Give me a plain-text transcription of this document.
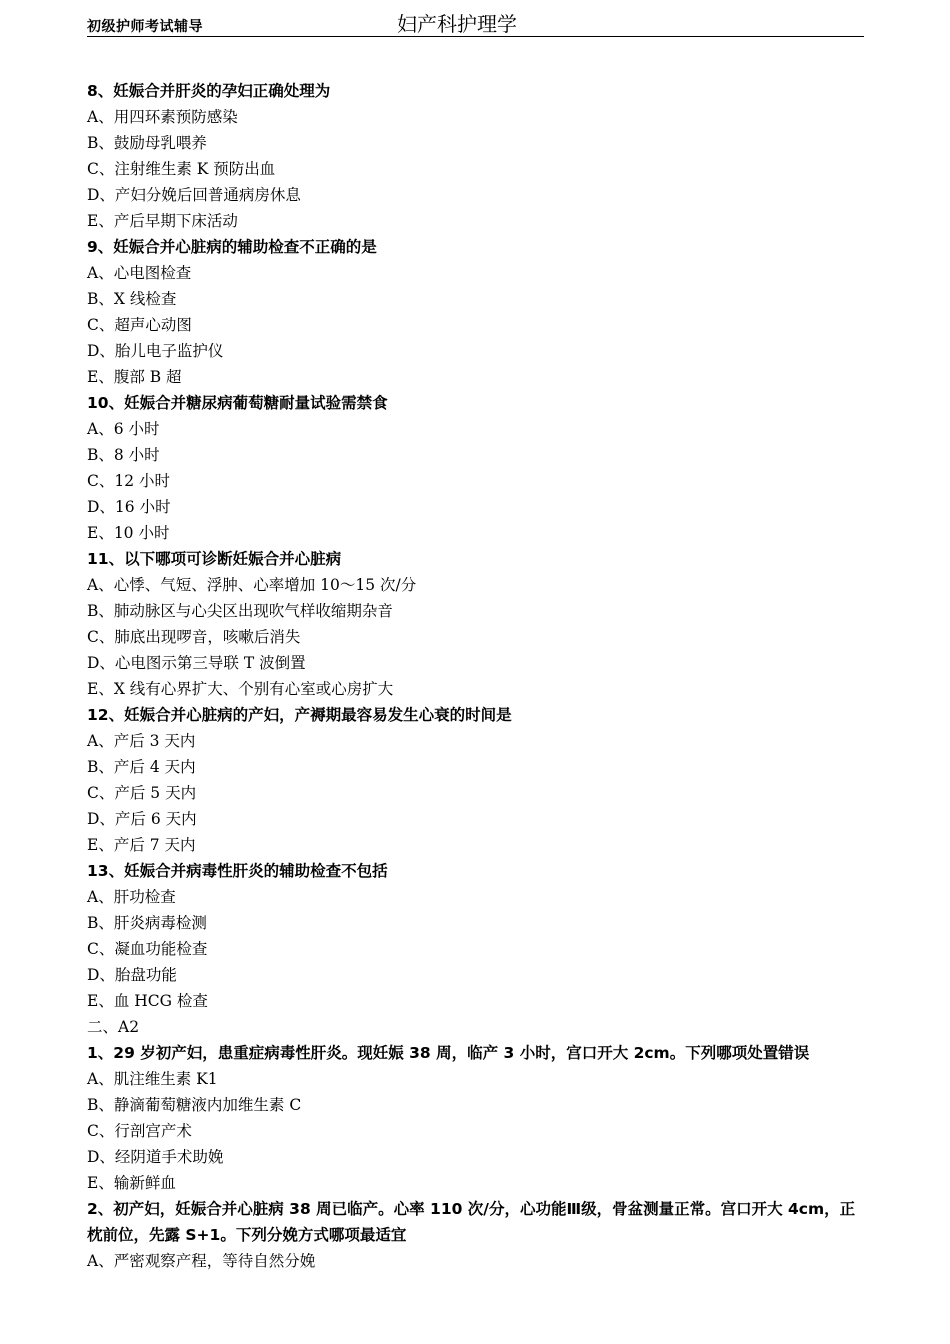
初级护师考试辅导	妇产科护理学
8、妊娠合并肝炎的孕妇正确处理为
A、用四环素预防感染
B、鼓励母乳喂养
C、注射维生素 K 预防出血
D、产妇分娩后回普通病房休息
E、产后早期下床活动
9、妊娠合并心脏病的辅助检查不正确的是
A、心电图检查
B、X 线检查
C、超声心动图
D、胎儿电子监护仪
E、腹部 B 超
10、妊娠合并糖尿病葡萄糖耐量试验需禁食
A、6 小时
B、8 小时
C、12 小时
D、16 小时
E、10 小时
11、以下哪项可诊断妊娠合并心脏病
A、心悸、气短、浮肿、心率增加 10～15 次/分
B、肺动脉区与心尖区出现吹气样收缩期杂音
C、肺底出现啰音，咳嗽后消失
D、心电图示第三导联 T 波倒置
E、X 线有心界扩大、个别有心室或心房扩大
12、妊娠合并心脏病的产妇，产褥期最容易发生心衰的时间是
A、产后 3 天内
B、产后 4 天内
C、产后 5 天内
D、产后 6 天内
E、产后 7 天内
13、妊娠合并病毒性肝炎的辅助检查不包括
A、肝功检查
B、肝炎病毒检测
C、凝血功能检查
D、胎盘功能
E、血 HCG 检查
二、A2
1、29 岁初产妇，患重症病毒性肝炎。现妊娠 38 周，临产 3 小时，宫口开大 2cm。下列哪项处置错误
A、肌注维生素 K1
B、静滴葡萄糖液内加维生素 C
C、行剖宫产术
D、经阴道手术助娩
E、输新鲜血
2、初产妇，妊娠合并心脏病 38 周已临产。心率 110 次/分，心功能Ⅲ级，骨盆测量正常。宫口开大 4cm，正枕前位，先露 S+1。下列分娩方式哪项最适宜
A、严密观察产程，等待自然分娩
